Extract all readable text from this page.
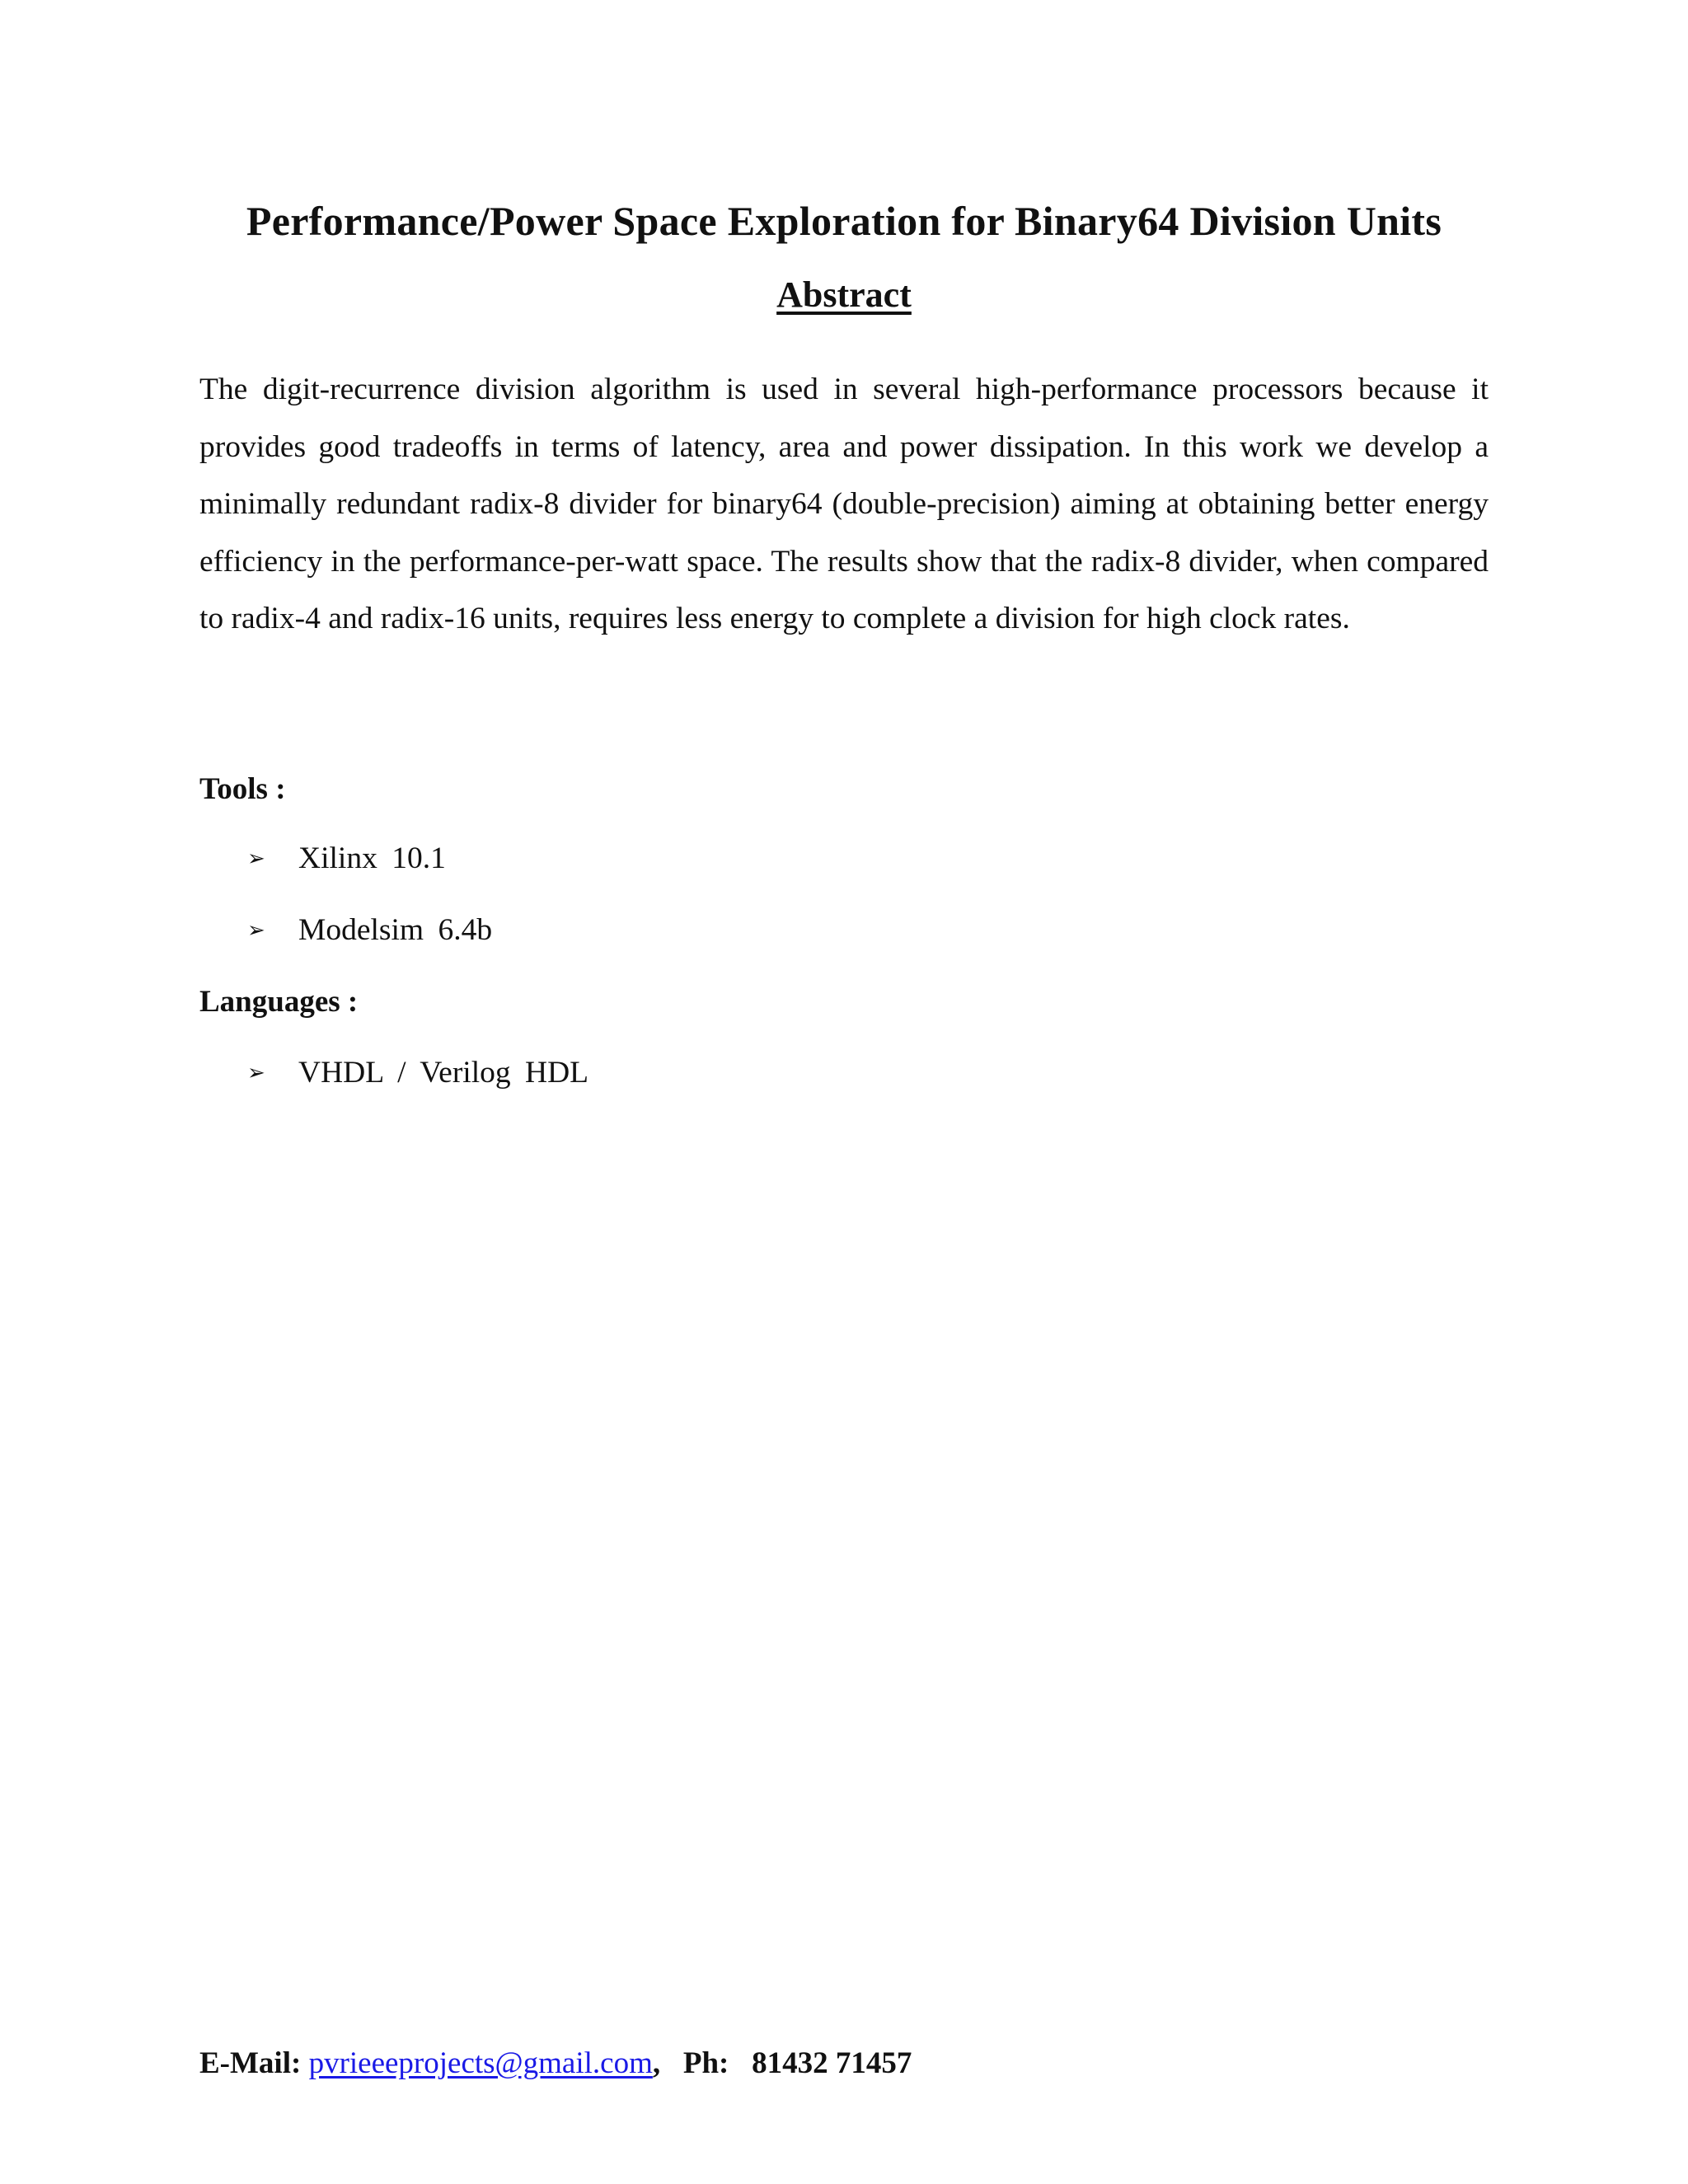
Performance/Power Space Exploration for Binary64 Division Units
Abstract

The digit-recurrence division algorithm is used in several high-performance processors because it provides good tradeoffs in terms of latency, area and power dissipation. In this work we develop a minimally redundant radix-8 divider for binary64 (double-precision) aiming at obtaining better energy efficiency in the performance-per-watt space. The results show that the radix-8 divider, when compared to radix-4 and radix-16 units, requires less energy to complete a division for high clock rates.

Tools :
➢	Xilinx 10.1
➢	Modelsim 6.4b
Languages :
➢	VHDL / Verilog HDL

E-Mail: pvrieeeprojects@gmail.com, Ph: 81432 71457
